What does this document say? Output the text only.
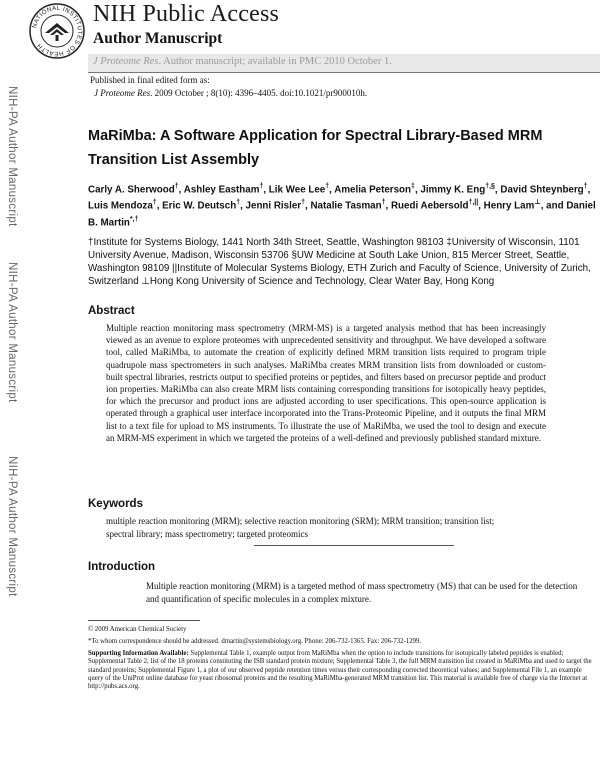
NATIONAL INSTITUTES OF HEALTH
NIH Public Access
Author Manuscript
J Proteome Res. Author manuscript; available in PMC 2010 October 1.
Published in final edited form as:
J Proteome Res. 2009 October ; 8(10): 4396–4405. doi:10.1021/pr900010h.
NIH-PA Author Manuscript
NIH-PA Author Manuscript
NIH-PA Author Manuscript
MaRiMba: A Software Application for Spectral Library-Based MRM Transition List Assembly
Carly A. Sherwood†, Ashley Eastham†, Lik Wee Lee†, Amelia Peterson‡, Jimmy K. Eng†,§, David Shteynberg†, Luis Mendoza†, Eric W. Deutsch†, Jenni Risler†, Natalie Tasman†, Ruedi Aebersold†,||, Henry Lam⊥, and Daniel B. Martin*,†
†Institute for Systems Biology, 1441 North 34th Street, Seattle, Washington 98103 ‡University of Wisconsin, 1101 University Avenue, Madison, Wisconsin 53706 §UW Medicine at South Lake Union, 815 Mercer Street, Seattle, Washington 98109 ||Institute of Molecular Systems Biology, ETH Zurich and Faculty of Science, University of Zurich, Switzerland ⊥Hong Kong University of Science and Technology, Clear Water Bay, Hong Kong
Abstract
Multiple reaction monitoring mass spectrometry (MRM-MS) is a targeted analysis method that has been increasingly viewed as an avenue to explore proteomes with unprecedented sensitivity and throughput. We have developed a software tool, called MaRiMba, to automate the creation of explicitly defined MRM transition lists required to program triple quadrupole mass spectrometers in such analyses. MaRiMba creates MRM transition lists from downloaded or custom-built spectral libraries, restricts output to specified proteins or peptides, and filters based on precursor peptide and product ion properties. MaRiMba can also create MRM lists containing corresponding transitions for isotopically heavy peptides, for which the precursor and product ions are adjusted according to user specifications. This open-source application is operated through a graphical user interface incorporated into the Trans-Proteomic Pipeline, and it outputs the final MRM list to a text file for upload to MS instruments. To illustrate the use of MaRiMba, we used the tool to design and execute an MRM-MS experiment in which we targeted the proteins of a well-defined and previously published standard mixture.
Keywords
multiple reaction monitoring (MRM); selective reaction monitoring (SRM); MRM transition; transition list; spectral library; mass spectrometry; targeted proteomics
Introduction
Multiple reaction monitoring (MRM) is a targeted method of mass spectrometry (MS) that can be used for the detection and quantification of specific molecules in a complex mixture.
© 2009 American Chemical Society
*To whom correspondence should be addressed. dmartin@systemsbiology.org. Phone: 206-732-1365. Fax: 206-732-1299.
Supporting Information Available: Supplemental Table 1, example output from MaRiMba when the option to include transitions for isotopically labeled peptides is enabled; Supplemental Table 2, list of the 18 proteins constituting the ISB standard protein mixture; Supplemental Table 3, the full MRM transition list created in MaRiMba and used to target the standard proteins; Supplemental Figure 1, a plot of our observed peptide retention times versus their corresponding corrected theoretical values; and Supplemental File 1, an example query of the UniProt online database for yeast ribosomal proteins and the resulting MaRiMba-generated MRM transition list. This material is available free of charge via the Internet at http://pubs.acs.org.
